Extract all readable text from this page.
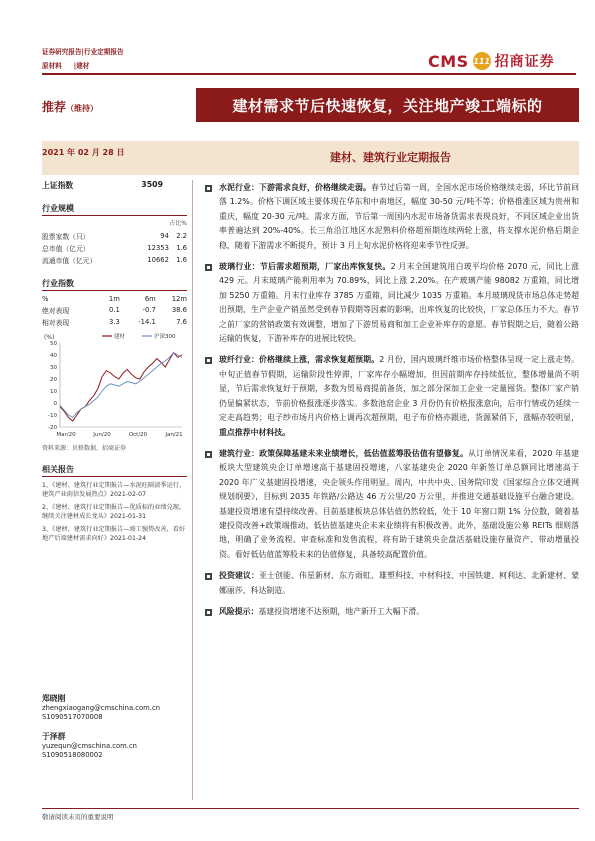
证券研究报告|行业定期报告
原材料 |建材	CMS 111 招商证券
推荐（维持）	建材需求节后快速恢复，关注地产竣工端标的
2021 年 02 月 28 日	建材、建筑行业定期报告
上证指数	3509
行业规模
占比%
股票家数（只）	94	2.2
总市值（亿元）	12353	1.6
流通市值（亿元）	10662	1.6
行业指数
%	1m	6m	12m
绝对表现	0.1	-0.7	38.6
相对表现	3.3	-14.1	7.6
(%)
-20
-10
0
10
20
30
40
50
Mar/20	Jun/20	Oct/20	Jan/21
建材	沪深300
资料来源：贝格数据、招商证券
相关报告
1、《建材、建筑行业定期报告—水泥旺隔淡季运行，建筑产业雨信发展热点》2021-02-07
2、《建材、建筑行业定期报告—优质标的业绩兑现，继续关注建材成长龙头》2021-01-31
3、《建材、建筑行业定期报告—竣工强势改善，看好地产后端建材需求向好》2021-01-24
郑晓刚
zhengxiaogang@cmschina.com.cn
S1090517070008
于泽群
yuzequn@cmschina.com.cn
S1090518080002
水泥行业：下游需求良好，价格继续走弱。春节过后第一周，全国水泥市场价格继续走弱，环比节前回落 1.2%。价格下调区域主要体现在华东和中南地区，幅度 30-50 元/吨不等；价格推涨区域为贵州和重庆，幅度 20-30 元/吨。需求方面，节后第一周国内水泥市场备货需求表现良好，不同区域企业出货率普遍达到 20%-40%。长三角沿江地区水泥熟料价格超预期连续两轮上涨，将支撑水泥价格后期企稳，随着下游需求不断提升，预计 3 月上旬水泥价格将迎来季节性反弹。
玻璃行业：节后需求超预期，厂家出库恢复快。2 月末全国建筑用白玻平均价格 2070 元，同比上涨 429 元。月末玻璃产能利用率为 70.89%，同比上涨 2.20%。在产玻璃产能 98082 万重箱，同比增加 5250 万重箱。月末行业库存 3785 万重箱，同比减少 1035 万重箱。本月玻璃现货市场总体走势超出预期，生产企业产销虽然受到春节假期等因素的影响，出库恢复的比较快，厂家总体压力不大。春节之前厂家的营销政策有效调整，增加了下游贸易商和加工企业补库存的意愿。春节假期之后，随着公路运输的恢复，下游补库存的进展比较快。
玻纤行业：价格继续上涨，需求恢复超预期。2 月份，国内玻璃纤维市场价格整体呈现一定上涨走势。中旬正值春节假期，运输阶段性停滞，厂家库存小幅增加，但因前期库存持续低位，整体增量尚不明显，节后需求恢复好于预期，多数为贸易商提前备货，加之部分深加工企业一定量囤货。整体厂家产销仍显偏紧状态，节前价格报涨逐步落实。多数池窑企业 3 月份仍有价格报涨意向，后市行情或仍延续一定走高趋势；电子纱市场月内价格上调再次超预期，电子布价格亦跟进，货源紧俏下，涨幅亦较明显，重点推荐中材科技。
建筑行业：政策保障基建未来业绩增长，低估值蓝筹股估值有望修复。从订单情况来看，2020 年基建板块大型建筑央企订单增速高于基建固投增速，八家基建央企 2020 年新签订单总额同比增速高于 2020 年广义基建固投增速，央企领头作用明显。周内，中共中央、国务院印发《国家综合立体交通网规划纲要》，目标到 2035 年铁路/公路达 46 万公里/20 万公里，并推进交通基础设施平台融合建设。基建投资增速有望持续改善。目前基建板块总体估值仍然较低，处于 10 年窗口期 1% 分位数，随着基建投资改善+政策端推动，低估值基建央企未来业绩将有积极改善。此外，基础设施公募 REITs 细则落地，明确了业务流程、审查标准和发售流程，将有助于建筑央企盘活基础设施存量资产、带动增量投资。看好低估值蓝筹股未来的估值修复，具备较高配置价值。
投资建议：亚士创能、伟星新材、东方雨虹、雄塑科技、中材科技、中国铁建、柯利达、北新建材、蒙娜丽莎、科达制造。
风险提示：基建投资增速不达预期，地产新开工大幅下滑。
敬请阅读末页的重要说明
